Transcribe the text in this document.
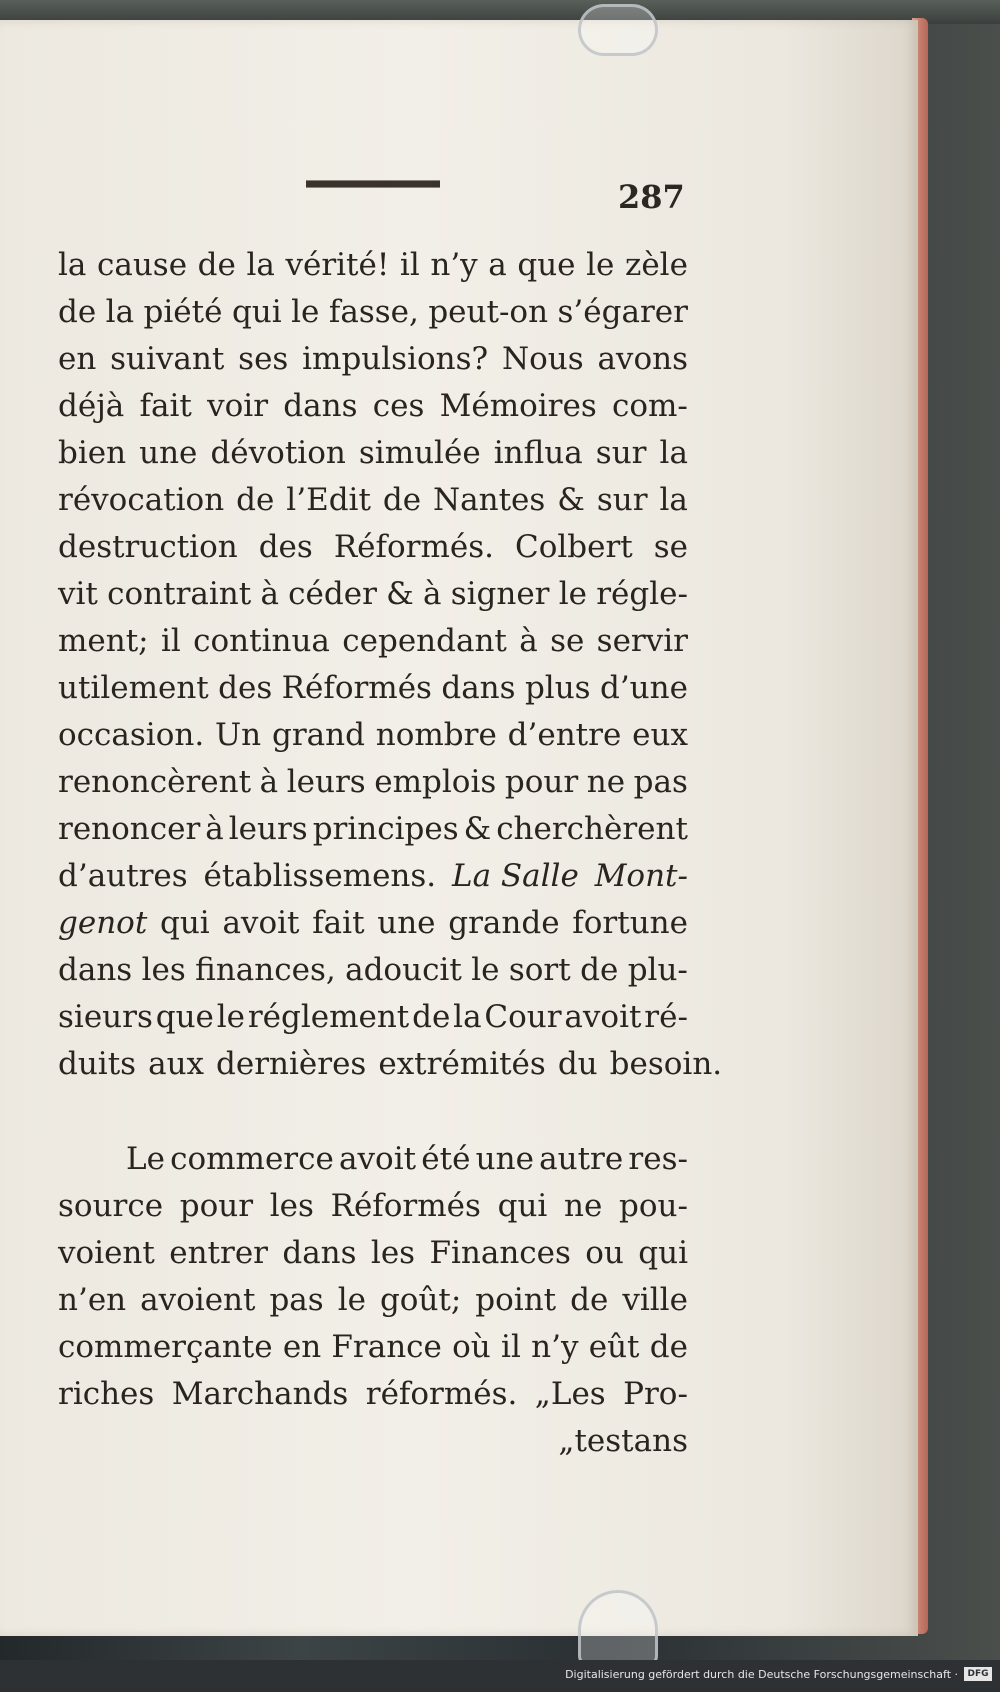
287
la cause de la vérité! il n’y a que le zèle
de la piété qui le fasse, peut-on s’égarer
en suivant ses impulsions? Nous avons
déjà fait voir dans ces Mémoires com-
bien une dévotion simulée influa sur la
révocation de l’Edit de Nantes & sur la
destruction des Réformés. Colbert se
vit contraint à céder & à signer le régle-
ment; il continua cependant à se servir
utilement des Réformés dans plus d’une
occasion. Un grand nombre d’entre eux
renoncèrent à leurs emplois pour ne pas
renoncer à leurs principes & cherchèrent
d’autres établissemens. La Salle Mont-
genot qui avoit fait une grande fortune
dans les finances, adoucit le sort de plu-
sieurs que le réglement de la Cour avoit ré-
duits aux dernières extrémités du besoin.
Le commerce avoit été une autre res-
source pour les Réformés qui ne pou-
voient entrer dans les Finances ou qui
n’en avoient pas le goût; point de ville
commerçante en France où il n’y eût de
riches Marchands réformés. „Les Pro-
„testans
Digitalisierung gefördert durch die Deutsche Forschungsgemeinschaft ·	DFG
